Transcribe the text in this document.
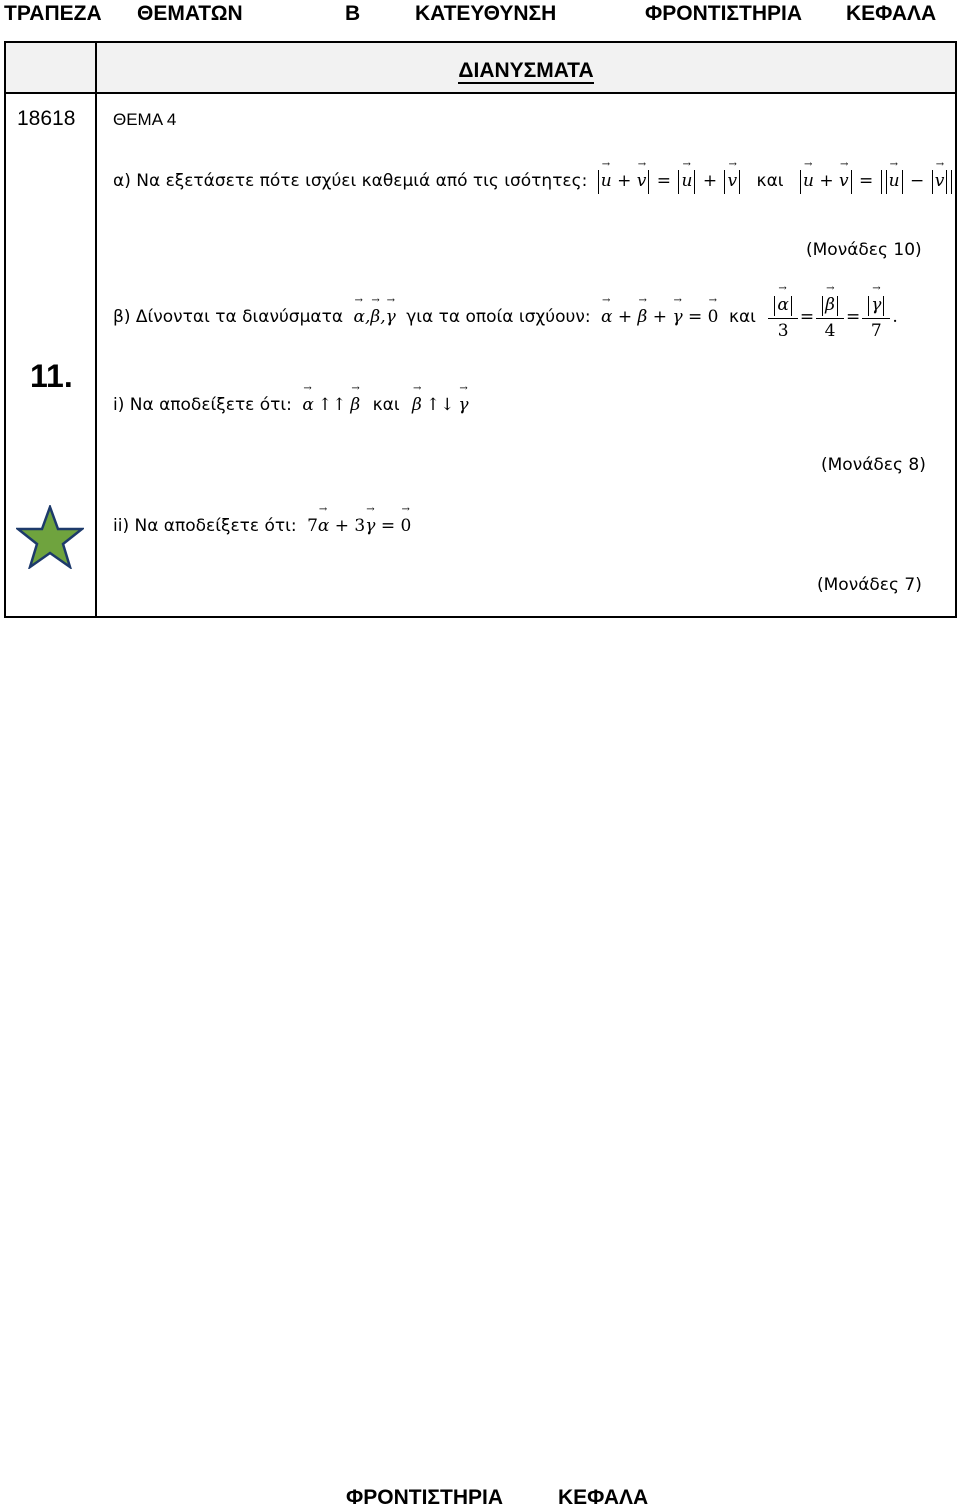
ΤΡΑΠΕΖΑ ΘΕΜΑΤΩΝ	Β	ΚΑΤΕΥΘΥΝΣΗ	ΦΡΟΝΤΙΣΤΗΡΙΑ ΚΕΦΑΛΑ
ΔΙΑΝΥΣΜΑΤΑ
18618 ΘΕΜΑ 4
11.
α) Να εξετάσετε πότε ισχύει καθεμιά από τις ισότητες: → u + → v = → u + → v και → u + → v = → u − → v
(Μονάδες 10)
β) Δίνονται τα διανύσματα → α,→ β,→ γ για τα οποία ισχύουν: → α + → β + → γ = → 0 και
→ $\frac{\alpha}{3}$ =
→ $\frac{\beta}{4}$ =
→ $\frac{\gamma}{7}$ .
i) Να αποδείξετε ότι: → α ↑↑→ β και → β ↑↓→ γ
(Μονάδες 8)
ii) Να αποδείξετε ότι: 7→ α + 3→ γ = → 0
(Μονάδες 7)
ΦΡΟΝΤΙΣΤΗΡΙΑ	ΚΕΦΑΛΑ
